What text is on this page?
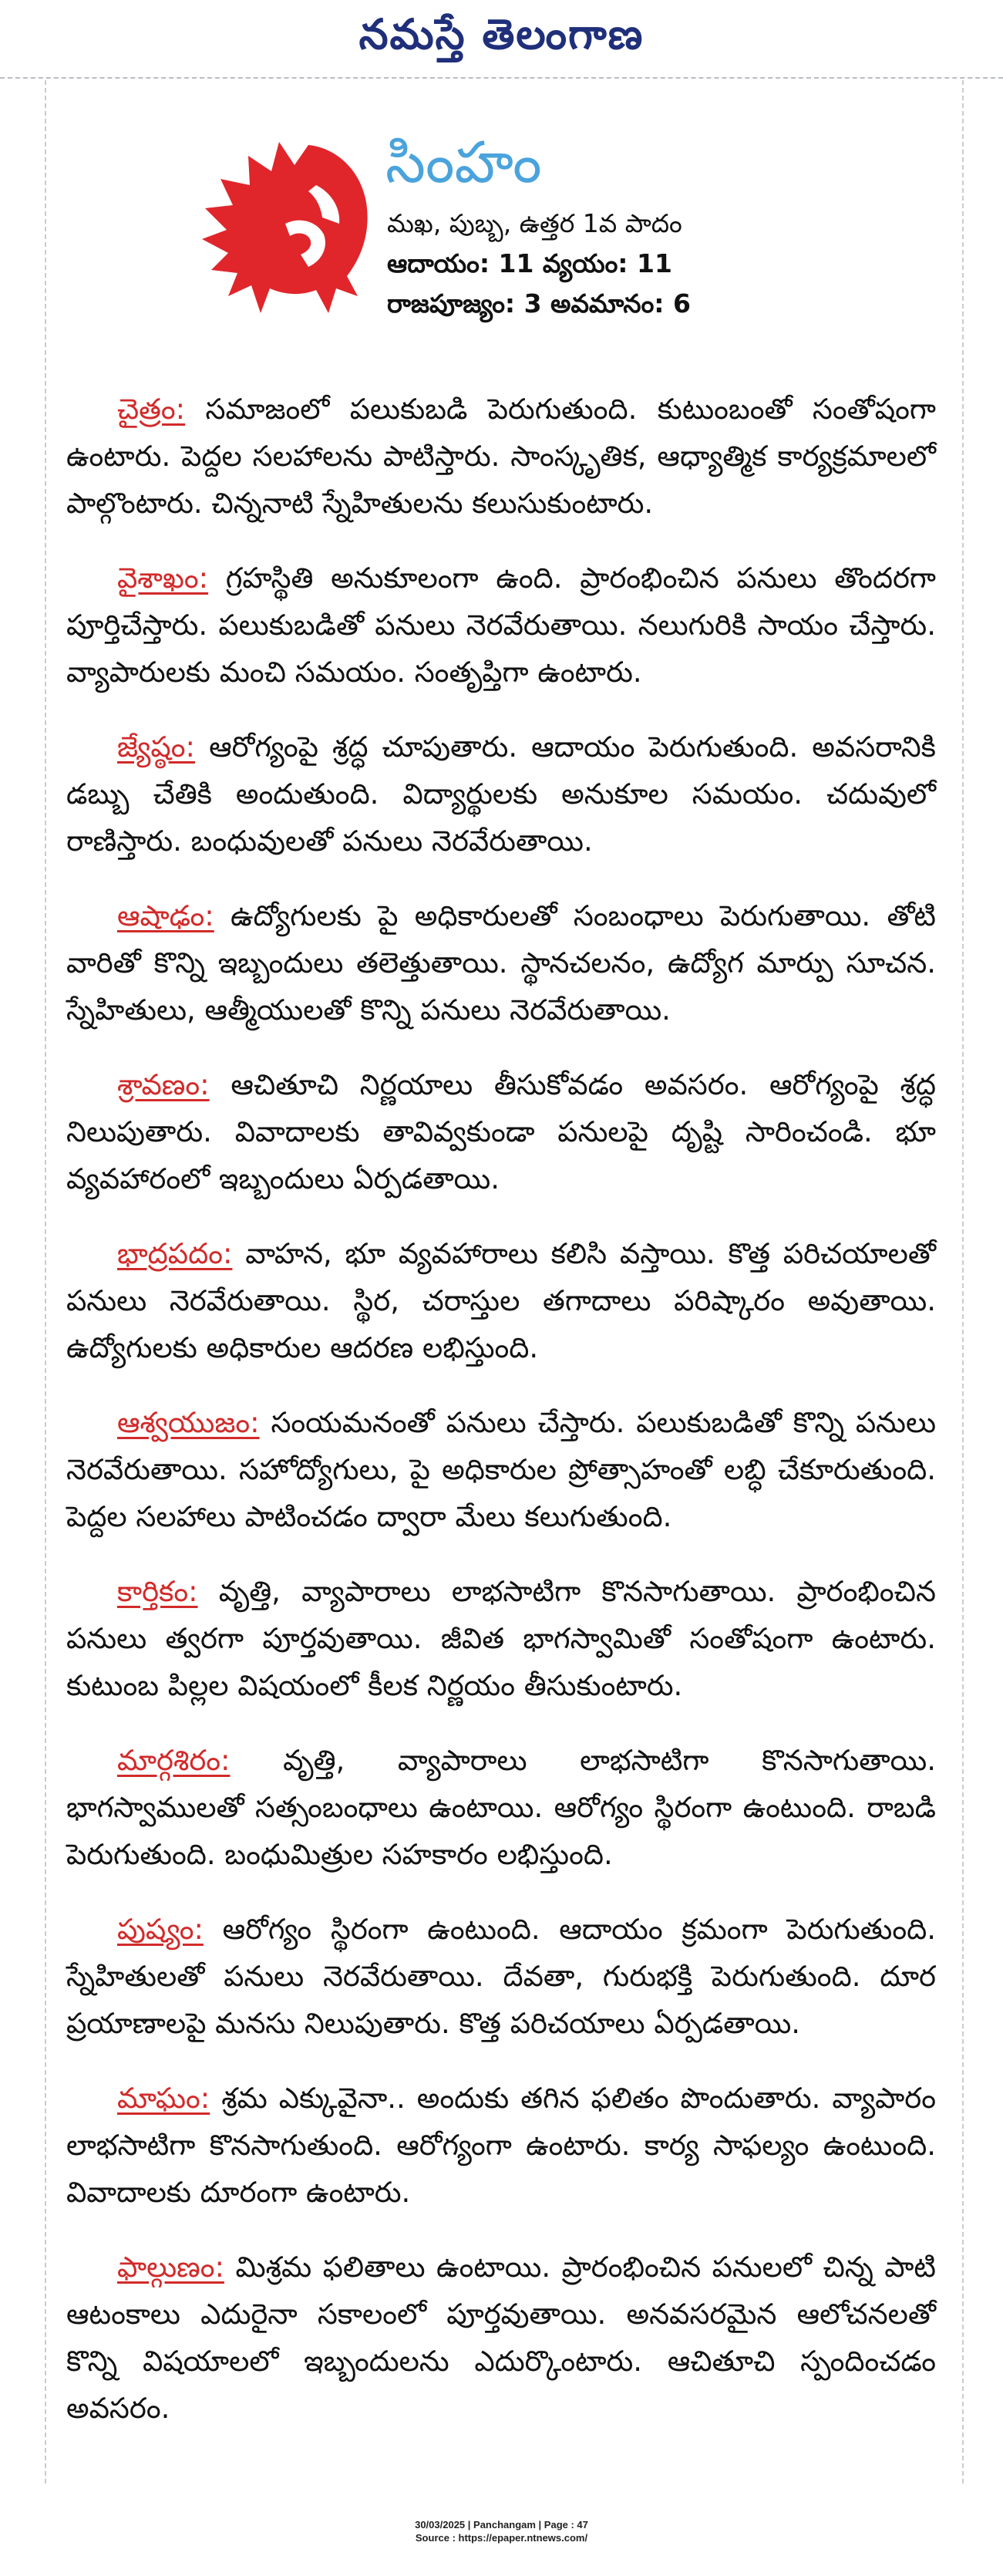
నమస్తే తెలంగాణ
సింహం
మఖ, పుబ్బ, ఉత్తర 1వ పాదం
ఆదాయం: 11 వ్యయం: 11
రాజపూజ్యం: 3 అవమానం: 6

చైత్రం: సమాజంలో పలుకుబడి పెరుగుతుంది. కుటుంబంతో సంతోషంగా ఉంటారు. పెద్దల సలహాలను పాటిస్తారు. సాంస్కృతిక, ఆధ్యాత్మిక కార్యక్రమాలలో పాల్గొంటారు. చిన్ననాటి స్నేహితులను కలుసుకుంటారు.

వైశాఖం: గ్రహస్థితి అనుకూలంగా ఉంది. ప్రారంభించిన పనులు తొందరగా పూర్తిచేస్తారు. పలుకుబడితో పనులు నెరవేరుతాయి. నలుగురికి సాయం చేస్తారు. వ్యాపారులకు మంచి సమయం. సంతృప్తిగా ఉంటారు.

జ్యేష్ఠం: ఆరోగ్యంపై శ్రద్ధ చూపుతారు. ఆదాయం పెరుగుతుంది. అవసరానికి డబ్బు చేతికి అందుతుంది. విద్యార్థులకు అనుకూల సమయం. చదువులో రాణిస్తారు. బంధువులతో పనులు నెరవేరుతాయి.

ఆషాఢం: ఉద్యోగులకు పై అధికారులతో సంబంధాలు పెరుగుతాయి. తోటి వారితో కొన్ని ఇబ్బందులు తలెత్తుతాయి. స్థానచలనం, ఉద్యోగ మార్పు సూచన. స్నేహితులు, ఆత్మీయులతో కొన్ని పనులు నెరవేరుతాయి.

శ్రావణం: ఆచితూచి నిర్ణయాలు తీసుకోవడం అవసరం. ఆరోగ్యంపై శ్రద్ధ నిలుపుతారు. వివాదాలకు తావివ్వకుండా పనులపై దృష్టి సారించండి. భూ వ్యవహారంలో ఇబ్బందులు ఏర్పడతాయి.

భాద్రపదం: వాహన, భూ వ్యవహారాలు కలిసి వస్తాయి. కొత్త పరిచయాలతో పనులు నెరవేరుతాయి. స్థిర, చరాస్తుల తగాదాలు పరిష్కారం అవుతాయి. ఉద్యోగులకు అధికారుల ఆదరణ లభిస్తుంది.

ఆశ్వయుజం: సంయమనంతో పనులు చేస్తారు. పలుకుబడితో కొన్ని పనులు నెరవేరుతాయి. సహోద్యోగులు, పై అధికారుల ప్రోత్సాహంతో లబ్ధి చేకూరుతుంది. పెద్దల సలహాలు పాటించడం ద్వారా మేలు కలుగుతుంది.

కార్తికం: వృత్తి, వ్యాపారాలు లాభసాటిగా కొనసాగుతాయి. ప్రారంభించిన పనులు త్వరగా పూర్తవుతాయి. జీవిత భాగస్వామితో సంతోషంగా ఉంటారు. కుటుంబ పిల్లల విషయంలో కీలక నిర్ణయం తీసుకుంటారు.

మార్గశిరం: వృత్తి, వ్యాపారాలు లాభసాటిగా కొనసాగుతాయి. భాగస్వాములతో సత్సంబంధాలు ఉంటాయి. ఆరోగ్యం స్థిరంగా ఉంటుంది. రాబడి పెరుగుతుంది. బంధుమిత్రుల సహకారం లభిస్తుంది.

పుష్యం: ఆరోగ్యం స్థిరంగా ఉంటుంది. ఆదాయం క్రమంగా పెరుగుతుంది. స్నేహితులతో పనులు నెరవేరుతాయి. దేవతా, గురుభక్తి పెరుగుతుంది. దూర ప్రయాణాలపై మనసు నిలుపుతారు. కొత్త పరిచయాలు ఏర్పడతాయి.

మాఘం: శ్రమ ఎక్కువైనా.. అందుకు తగిన ఫలితం పొందుతారు. వ్యాపారం లాభసాటిగా కొనసాగుతుంది. ఆరోగ్యంగా ఉంటారు. కార్య సాఫల్యం ఉంటుంది. వివాదాలకు దూరంగా ఉంటారు.

ఫాల్గుణం: మిశ్రమ ఫలితాలు ఉంటాయి. ప్రారంభించిన పనులలో చిన్న పాటి ఆటంకాలు ఎదురైనా సకాలంలో పూర్తవుతాయి. అనవసరమైన ఆలోచనలతో కొన్ని విషయాలలో ఇబ్బందులను ఎదుర్కొంటారు. ఆచితూచి స్పందించడం అవసరం.

30/03/2025 | Panchangam | Page : 47
Source : https://epaper.ntnews.com/
